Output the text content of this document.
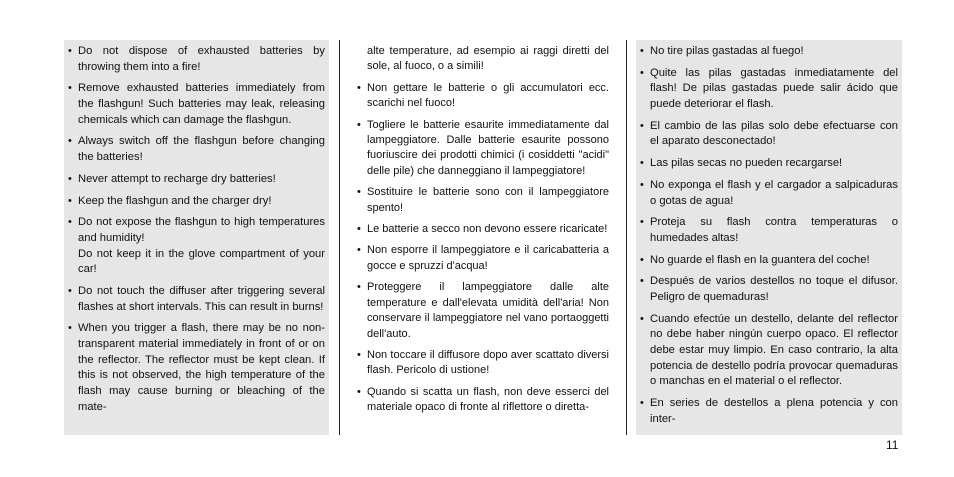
• Do not dispose of exhausted batteries by throwing them into a fire!
• Remove exhausted batteries immediately from the flashgun! Such batteries may leak, releasing chemicals which can damage the flashgun.
• Always switch off the flashgun before changing the batteries!
• Never attempt to recharge dry batteries!
• Keep the flashgun and the charger dry!
• Do not expose the flashgun to high temperatures and humidity!
Do not keep it in the glove compartment of your car!
• Do not touch the diffuser after triggering several flashes at short intervals. This can result in burns!
• When you trigger a flash, there may be no non-transparent material immediately in front of or on the reflector. The reflector must be kept clean. If this is not observed, the high temperature of the flash may cause burning or bleaching of the mate-
alte temperature, ad esempio ai raggi diretti del sole, al fuoco, o a simili!
• Non gettare le batterie o gli accumulatori ecc. scarichi nel fuoco!
• Togliere le batterie esaurite immediatamente dal lampeggiatore. Dalle batterie esaurite possono fuoriuscire dei prodotti chimici (i cosiddetti "acidi" delle pile) che danneggiano il lampeggiatore!
• Sostituire le batterie sono con il lampeggiatore spento!
• Le batterie a secco non devono essere ricaricate!
• Non esporre il lampeggiatore e il caricabatteria a gocce e spruzzi d'acqua!
• Proteggere il lampeggiatore dalle alte temperature e dall'elevata umidità dell'aria! Non conservare il lampeggiatore nel vano portaoggetti dell'auto.
• Non toccare il diffusore dopo aver scattato diversi flash. Pericolo di ustione!
• Quando si scatta un flash, non deve esserci del materiale opaco di fronte al riflettore o diretta-
• No tire pilas gastadas al fuego!
• Quite las pilas gastadas inmediatamente del flash! De pilas gastadas puede salir ácido que puede deteriorar el flash.
• El cambio de las pilas solo debe efectuarse con el aparato desconectado!
• Las pilas secas no pueden recargarse!
• No exponga el flash y el cargador a salpicaduras o gotas de agua!
• Proteja su flash contra temperaturas o humedades altas!
• No guarde el flash en la guantera del coche!
• Después de varios destellos no toque el difusor. Peligro de quemaduras!
• Cuando efectúe un destello, delante del reflector no debe haber ningún cuerpo opaco. El reflector debe estar muy limpio. En caso contrario, la alta potencia de destello podría provocar quemaduras o manchas en el material o el reflector.
• En series de destellos a plena potencia y con inter-
11
